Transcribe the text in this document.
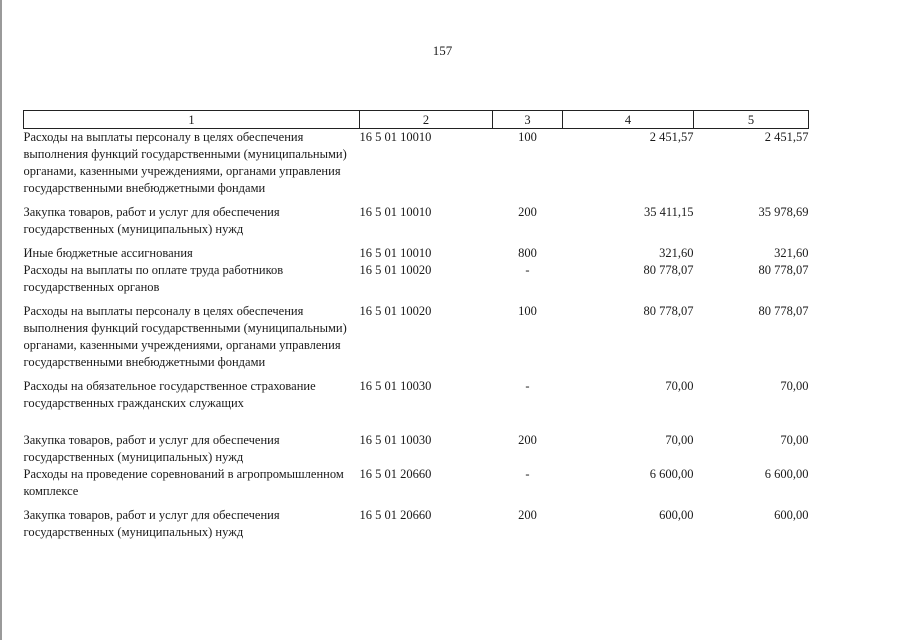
157
1	2	3	4	5
Расходы на выплаты персоналу в целях обеспечения выполнения функций государственными (муниципальными) органами, казенными учреждениями, органами управления государственными внебюджетными фондами	16 5 01 10010	100	2 451,57	2 451,57
Закупка товаров, работ и услуг для обеспечения государственных (муниципальных) нужд	16 5 01 10010	200	35 411,15	35 978,69
Иные бюджетные ассигнования	16 5 01 10010	800	321,60	321,60
Расходы на выплаты по оплате труда работников государственных органов	16 5 01 10020	-	80 778,07	80 778,07
Расходы на выплаты персоналу в целях обеспечения выполнения функций государственными (муниципальными) органами, казенными учреждениями, органами управления государственными внебюджетными фондами	16 5 01 10020	100	80 778,07	80 778,07
Расходы на обязательное государственное страхование государственных гражданских служащих	16 5 01 10030	-	70,00	70,00
Закупка товаров, работ и услуг для обеспечения государственных (муниципальных) нужд	16 5 01 10030	200	70,00	70,00
Расходы на проведение соревнований в агропромышленном комплексе	16 5 01 20660	-	6 600,00	6 600,00
Закупка товаров, работ и услуг для обеспечения государственных (муниципальных) нужд	16 5 01 20660	200	600,00	600,00
